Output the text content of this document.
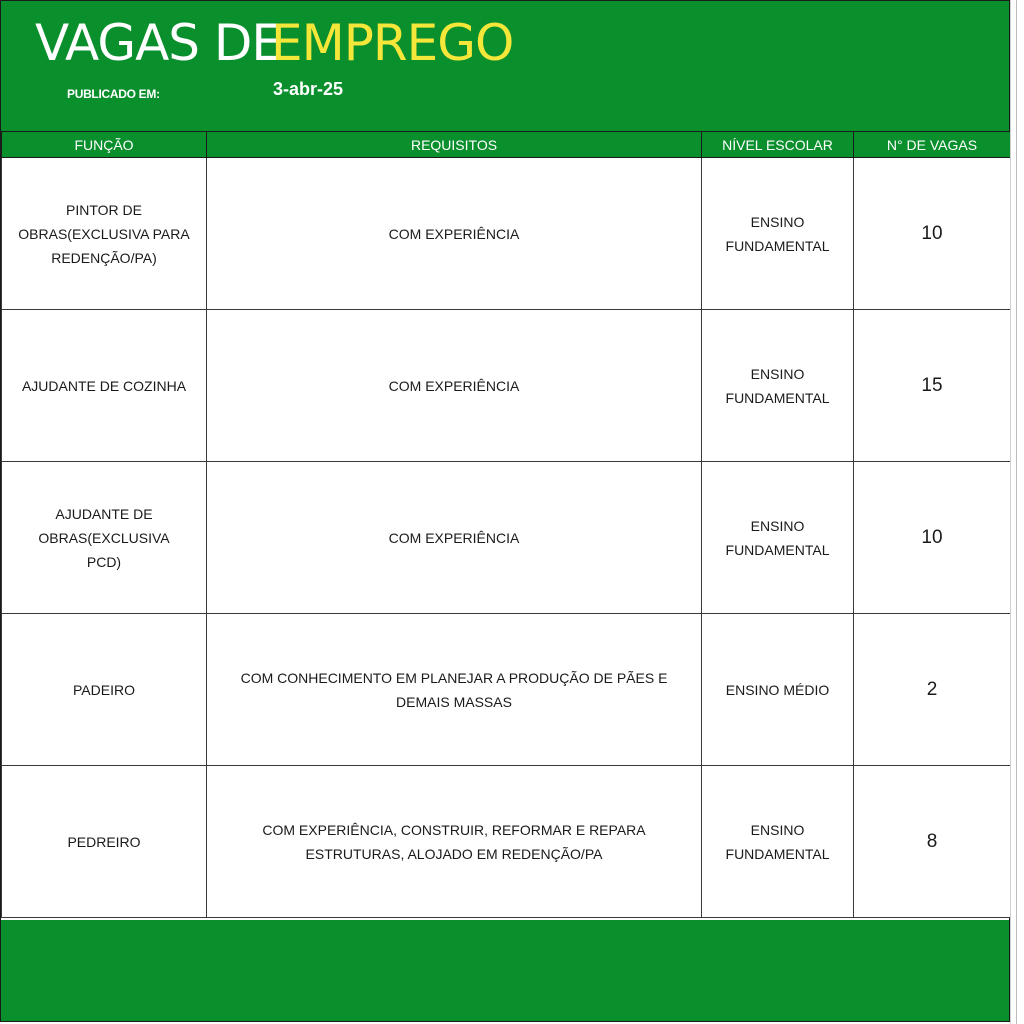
VAGAS DE
EMPREGO
PUBLICADO EM:	3-abr-25
FUNÇÃO	REQUISITOS	NÍVEL ESCOLAR	N° DE VAGAS
PINTOR DE OBRAS(EXCLUSIVA PARA REDENÇÃO/PA)	COM EXPERIÊNCIA	ENSINO FUNDAMENTAL	10
AJUDANTE DE COZINHA	COM EXPERIÊNCIA	ENSINO FUNDAMENTAL	15
AJUDANTE DE OBRAS(EXCLUSIVA PCD)	COM EXPERIÊNCIA	ENSINO FUNDAMENTAL	10
PADEIRO	COM CONHECIMENTO EM PLANEJAR A PRODUÇÃO DE PÃES E DEMAIS MASSAS	ENSINO MÉDIO	2
PEDREIRO	COM EXPERIÊNCIA, CONSTRUIR, REFORMAR E REPARA ESTRUTURAS, ALOJADO EM REDENÇÃO/PA	ENSINO FUNDAMENTAL	8
